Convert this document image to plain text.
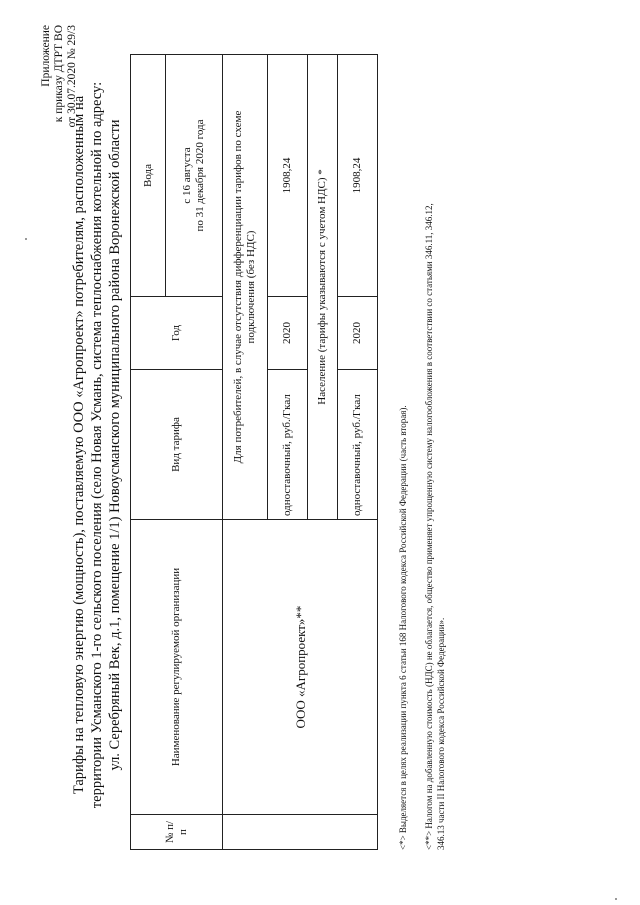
Приложение к приказу ДТРТ ВО от 30.07.2020 № 29/3
Тарифы на тепловую энергию (мощность), поставляемую ООО «Агропроект» потребителям, расположенным на территории Усманского 1-го сельского поселения (село Новая Усмань, система теплоснабжения котельной по адресу: ул. Серебряный Век, д.1, помещение 1/1) Новоусманского муниципального района Воронежской области
№ п/п	Наименование регулируемой организации	Вид тарифа	Год	Вода

				с 16 августа по 31 декабря 2020 года

	ООО «Агропроект»**	Для потребителей, в случае отсутствия дифференциации тарифов по схеме подключения (без НДС)		

		одноставочный, руб./Гкал	2020	1908,24
		Население (тарифы указываются с учетом НДС) *		
		одноставочный, руб./Гкал	2020	1908,24
<*> Выделяется в целях реализации пункта 6 статьи 168 Налогового кодекса Российской Федерации (часть вторая). <**> Налогом на добавленную стоимость (НДС) не облагается, общество применяет упрощенную систему налогообложения в соответствии со статьями 346.11, 346.12, 346.13 части II Налогового кодекса Российской Федерации».
